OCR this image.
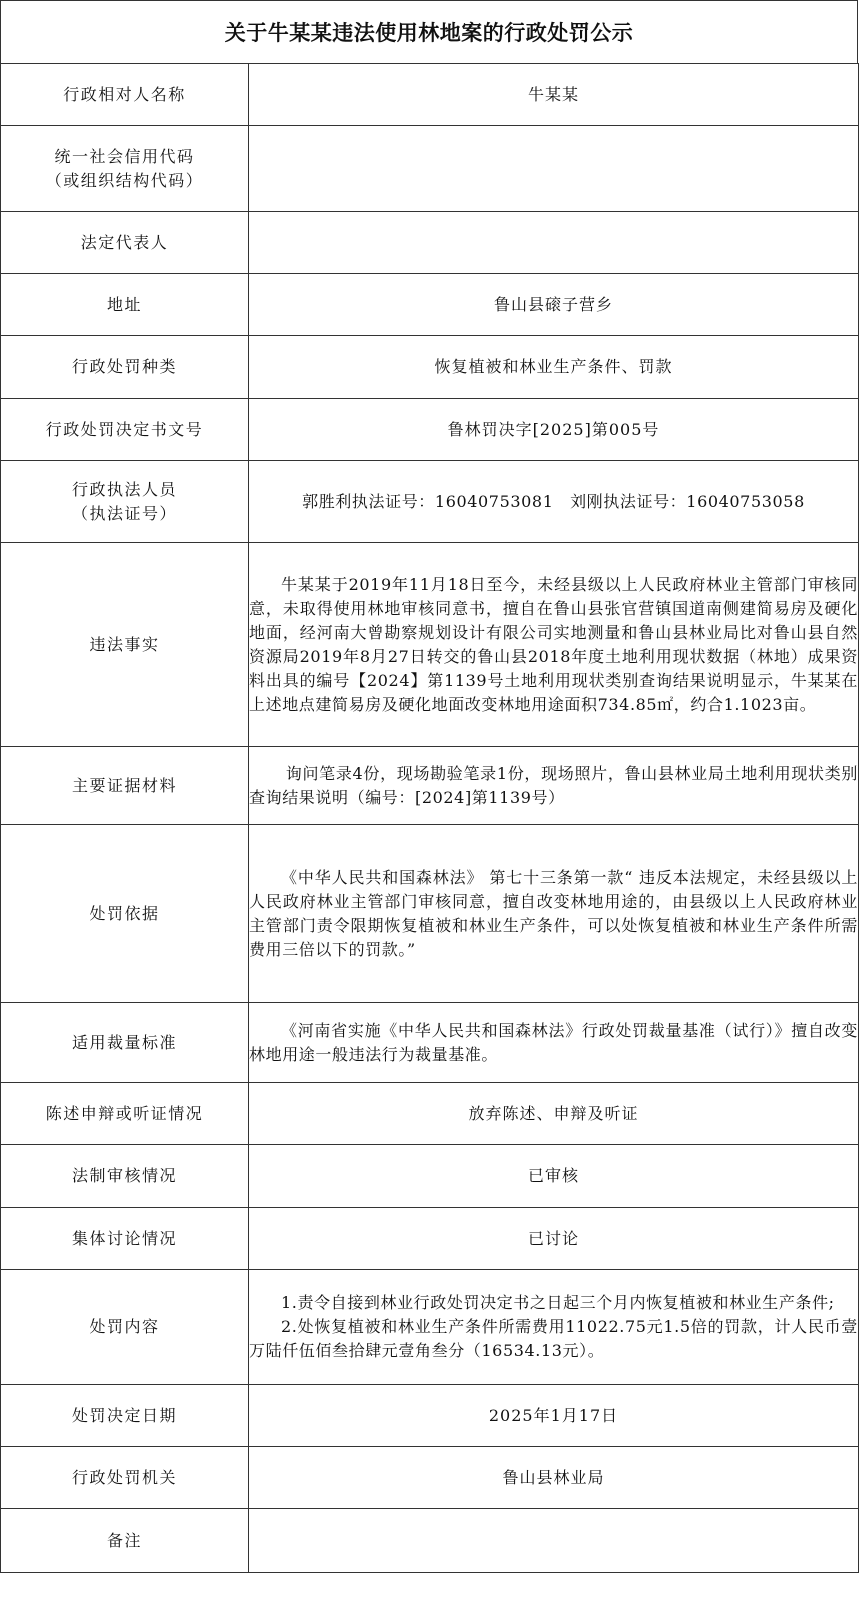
关于牛某某违法使用林地案的行政处罚公示
行政相对人名称	牛某某

统一社会信用代码
（或组织结构代码）	

法定代表人	
地址	鲁山县磙子营乡
行政处罚种类	恢复植被和林业生产条件、罚款
行政处罚决定书文号	鲁林罚决字[2025]第005号

行政执法人员
（执法证号）	郭胜利执法证号：16040753081　刘刚执法证号：16040753058
违法事实	牛某某于2019年11月18日至今，未经县级以上人民政府林业主管部门审核同意，未取得使用林地审核同意书，擅自在鲁山县张官营镇国道南侧建简易房及硬化地面，经河南大曾勘察规划设计有限公司实地测量和鲁山县林业局比对鲁山县自然资源局2019年8月27日转交的鲁山县2018年度土地利用现状数据（林地）成果资料出具的编号【2024】第1139号土地利用现状类别查询结果说明显示，牛某某在上述地点建简易房及硬化地面改变林地用途面积734.85㎡，约合1.1023亩。

主要证据材料	询问笔录4份，现场勘验笔录1份，现场照片，鲁山县林业局土地利用现状类别查询结果说明（编号：[2024]第1139号）

处罚依据	《中华人民共和国森林法》 第七十三条第一款“ 违反本法规定，未经县级以上人民政府林业主管部门审核同意，擅自改变林地用途的，由县级以上人民政府林业主管部门责令限期恢复植被和林业生产条件，可以处恢复植被和林业生产条件所需费用三倍以下的罚款。”

适用裁量标准	《河南省实施《中华人民共和国森林法》行政处罚裁量基准（试行）》擅自改变林地用途一般违法行为裁量基准。

陈述申辩或听证情况	放弃陈述、申辩及听证
法制审核情况	已审核
集体讨论情况	已讨论
处罚内容	1.责令自接到林业行政处罚决定书之日起三个月内恢复植被和林业生产条件;

2.处恢复植被和林业生产条件所需费用11022.75元1.5倍的罚款，计人民币壹万陆仟伍佰叁拾肆元壹角叁分（16534.13元）。

处罚决定日期	2025年1月17日
行政处罚机关	鲁山县林业局
备注	
